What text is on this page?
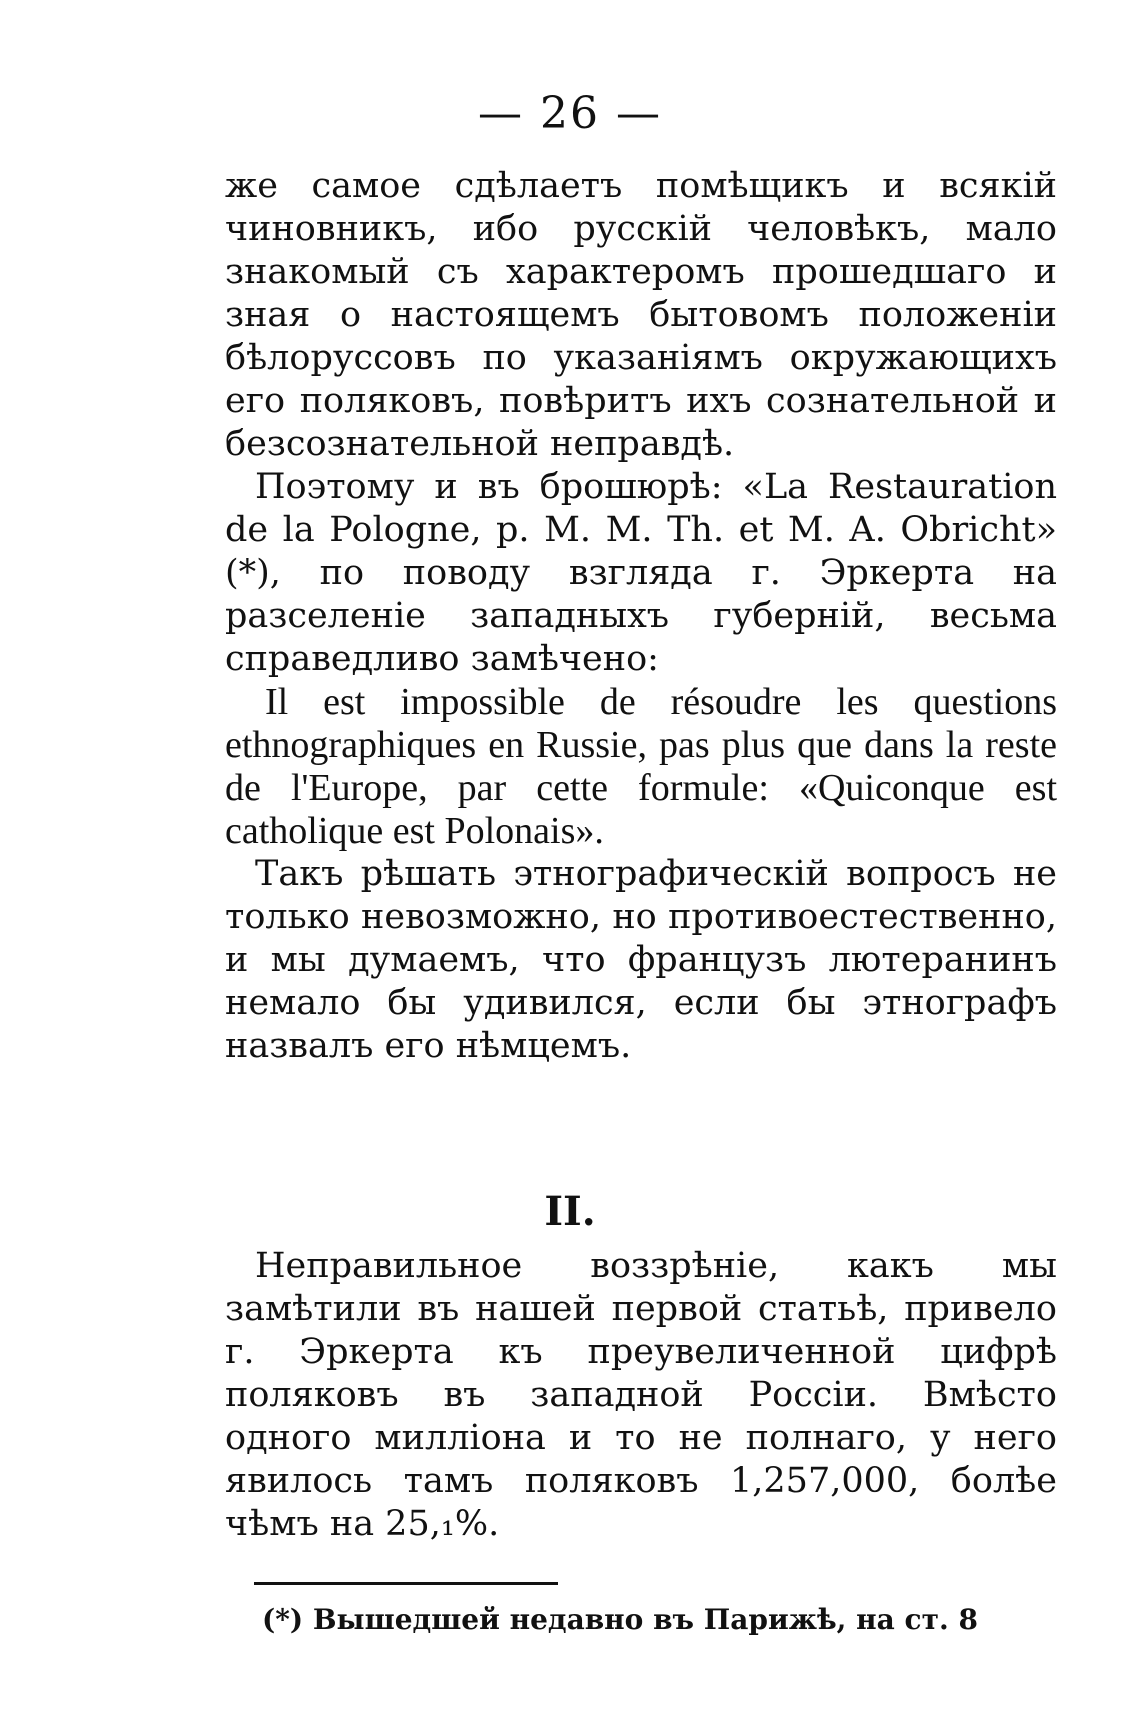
— 26 —

же самое сдѣлаетъ помѣщикъ и всякій чиновникъ, ибо русскій человѣкъ, мало знакомый съ характеромъ прошедшаго и зная о настоящемъ бытовомъ положеніи бѣлоруссовъ по указаніямъ окружающихъ его поляковъ, повѣритъ ихъ сознательной и безсознательной неправдѣ.

Поэтому и въ брошюрѣ: «La Restauration de la Pologne, p. M. M. Th. et M. A. Obricht» (*), по поводу взгляда г. Эркерта на разселеніе западныхъ губерній, весьма справедливо замѣчено:

Il est impossible de résoudre les questions ethnographiques en Russie, pas plus que dans la reste de l'Europe, par cette formule: «Quiconque est catholique est Polonais».

Такъ рѣшать этнографическій вопросъ не только невозможно, но противоестественно, и мы думаемъ, что французъ лютеранинъ немало бы удивился, если бы этнографъ назвалъ его нѣмцемъ.

II.

Неправильное воззрѣніе, какъ мы замѣтили въ нашей первой статьѣ, привело г. Эркерта къ преувеличенной цифрѣ поляковъ въ западной Россіи. Вмѣсто одного милліона и то не полнаго, у него явилось тамъ поляковъ 1,257,000, болѣе чѣмъ на 25,₁%.

(*) Вышедшей недавно въ Парижѣ, на ст. 8
